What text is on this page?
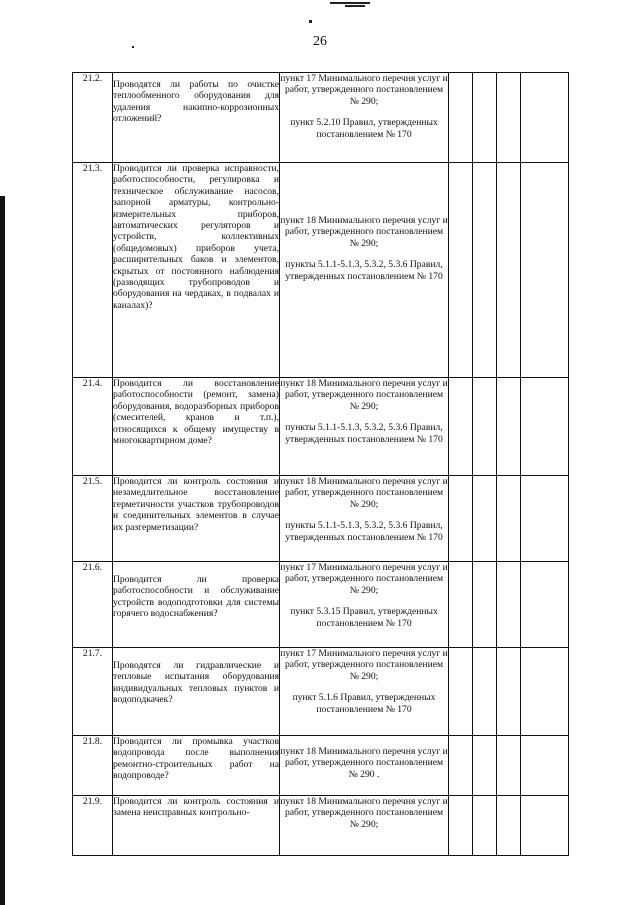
26
21.2.	Проводятся ли работы по очистке теплообменного оборудования для удаления накипно-коррозионных отложений?	пункт 17 Минимального перечня услуг и работ, утвержденного постановлением № 290;
пункт 5.2.10 Правил, утвержденных постановлением № 170				

21.3.	Проводится ли проверка исправности, работоспособности, регулировка и техническое обслуживание насосов, запорной арматуры, контрольно-измерительных приборов, автоматических регуляторов и устройств, коллективных (общедомовых) приборов учета, расширительных баков и элементов, скрытых от постоянного наблюдения (разводящих трубопроводов и оборудования на чердаках, в подвалах и каналах)?	пункт 18 Минимального перечня услуг и работ, утвержденного постановлением № 290;
пункты 5.1.1-5.1.3, 5.3.2, 5.3.6 Правил, утвержденных постановлением № 170				

21.4.	Проводится ли восстановление работоспособности (ремонт, замена) оборудования, водоразборных приборов (смесителей, кранов и т.п.), относящихся к общему имуществу в многоквартирном доме?	пункт 18 Минимального перечня услуг и работ, утвержденного постановлением № 290;
пункты 5.1.1-5.1.3, 5.3.2, 5.3.6 Правил, утвержденных постановлением № 170				

21.5.	Проводится ли контроль состояния и незамедлительное восстановление герметичности участков трубопроводов и соединительных элементов в случае их разгерметизации?	пункт 18 Минимального перечня услуг и работ, утвержденного постановлением № 290;
пункты 5.1.1-5.1.3, 5.3.2, 5.3.6 Правил, утвержденных постановлением № 170				

21.6.	Проводится ли проверка работоспособности и обслуживание устройств водоподготовки для системы горячего водоснабжения?	пункт 17 Минимального перечня услуг и работ, утвержденного постановлением № 290;
пункт 5.3.15 Правил, утвержденных постановлением № 170				

21.7.	Проводятся ли гидравлические и тепловые испытания оборудования индивидуальных тепловых пунктов и водоподкачек?	пункт 17 Минимального перечня услуг и работ, утвержденного постановлением № 290;
пункт 5.1.6 Правил, утвержденных постановлением № 170				

21.8.	Проводится ли промывка участков водопровода после выполнения ремонтно-строительных работ на водопроводе?	пункт 18 Минимального перечня услуг и работ, утвержденного постановлением № 290 .				

21.9.	Проводится ли контроль состояния и замена неисправных контрольно-	пункт 18 Минимального перечня услуг и работ, утвержденного постановлением № 290;				
